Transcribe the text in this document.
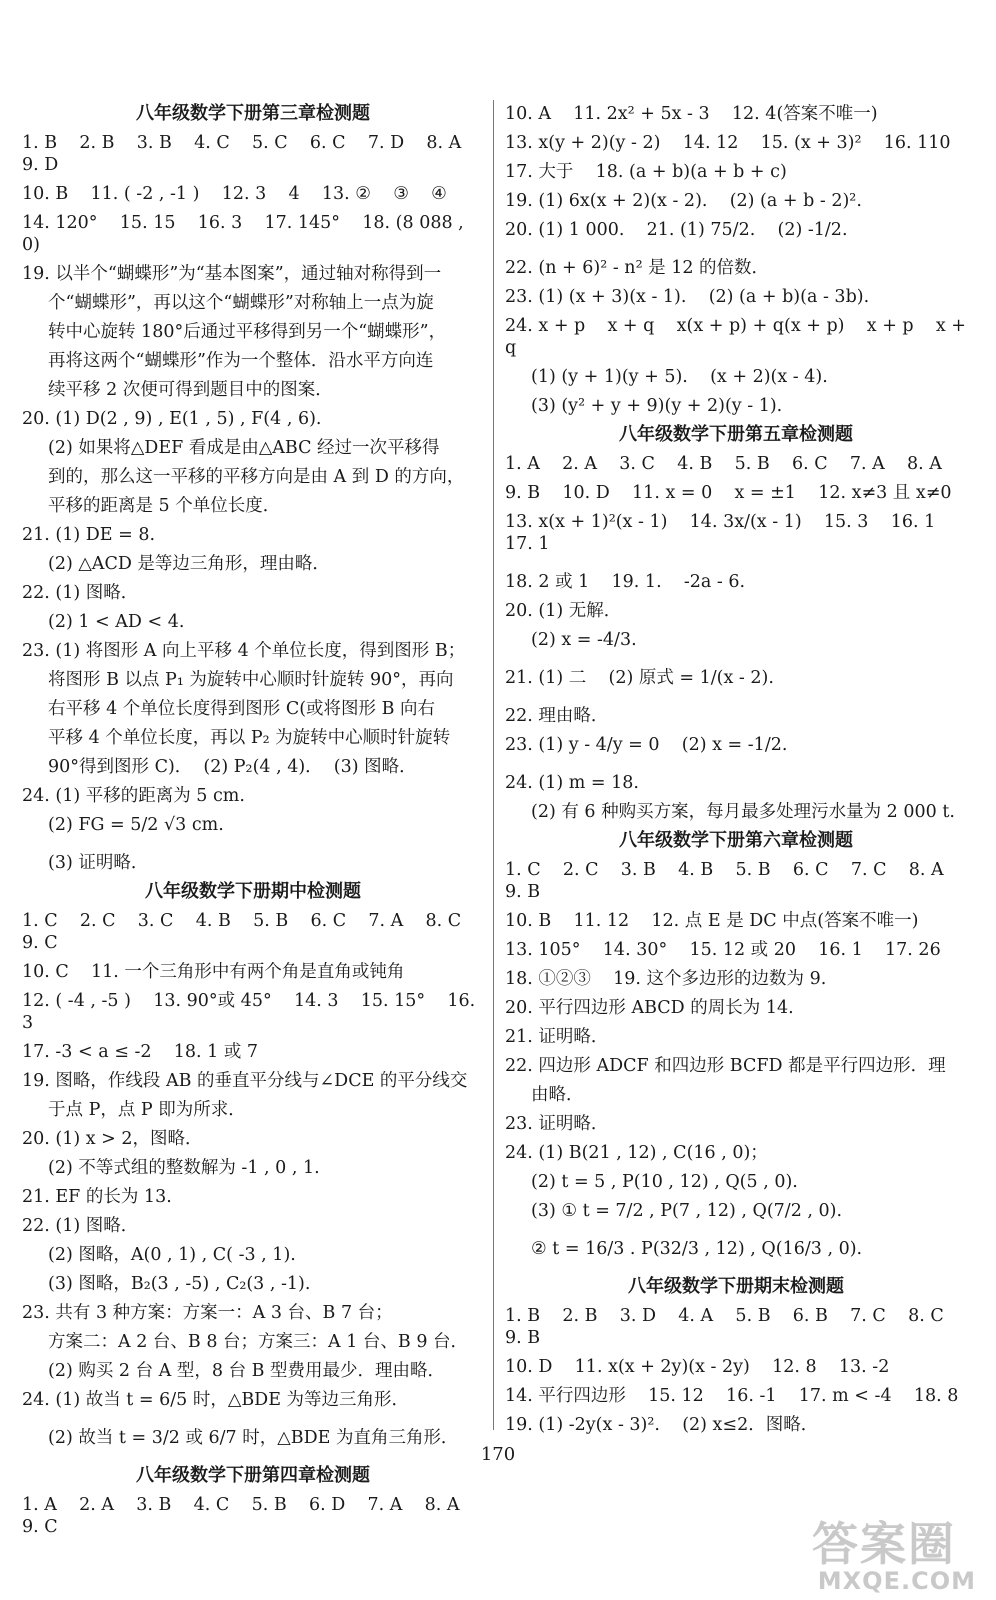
八年级数学下册第三章检测题
1. B    2. B    3. B    4. C    5. C    6. C    7. D    8. A    9. D
10. B    11. ( -2 , -1 )    12. 3    4    13. ②    ③    ④
14. 120°    15. 15    16. 3    17. 145°    18. (8 088 , 0)
19. 以半个“蝴蝶形”为“基本图案”，通过轴对称得到一
个“蝴蝶形”，再以这个“蝴蝶形”对称轴上一点为旋
转中心旋转 180°后通过平移得到另一个“蝴蝶形”，
再将这两个“蝴蝶形”作为一个整体．沿水平方向连
续平移 2 次便可得到题目中的图案．
20. (1) D(2 , 9) , E(1 , 5) , F(4 , 6).
(2) 如果将△DEF 看成是由△ABC 经过一次平移得
到的，那么这一平移的平移方向是由 A 到 D 的方向，
平移的距离是 5 个单位长度．
21. (1) DE = 8.
(2) △ACD 是等边三角形，理由略．
22. (1) 图略．
(2) 1 < AD < 4.
23. (1) 将图形 A 向上平移 4 个单位长度，得到图形 B；
将图形 B 以点 P₁ 为旋转中心顺时针旋转 90°，再向
右平移 4 个单位长度得到图形 C(或将图形 B 向右
平移 4 个单位长度，再以 P₂ 为旋转中心顺时针旋转
90°得到图形 C)．  (2) P₂(4 , 4)．  (3) 图略．
24. (1) 平移的距离为 5 cm.
(2) FG = 5/2 √3 cm.
(3) 证明略．
八年级数学下册期中检测题
1. C    2. C    3. C    4. B    5. B    6. C    7. A    8. C    9. C
10. C    11. 一个三角形中有两个角是直角或钝角
12. ( -4 , -5 )    13. 90°或 45°    14. 3    15. 15°    16. 3
17. -3 < a ≤ -2    18. 1 或 7
19. 图略，作线段 AB 的垂直平分线与∠DCE 的平分线交
于点 P，点 P 即为所求．
20. (1) x > 2，图略．
(2) 不等式组的整数解为 -1 , 0 , 1.
21. EF 的长为 13.
22. (1) 图略．
(2) 图略，A(0 , 1) , C( -3 , 1).
(3) 图略，B₂(3 , -5) , C₂(3 , -1).
23. 共有 3 种方案：方案一：A 3 台、B 7 台；
方案二：A 2 台、B 8 台；方案三：A 1 台、B 9 台．
(2) 购买 2 台 A 型，8 台 B 型费用最少．理由略．
24. (1) 故当 t = 6/5 时，△BDE 为等边三角形．
(2) 故当 t = 3/2 或 6/7 时，△BDE 为直角三角形．
八年级数学下册第四章检测题
1. A    2. A    3. B    4. C    5. B    6. D    7. A    8. A    9. C
10. A    11. 2x² + 5x - 3    12. 4(答案不唯一)
13. x(y + 2)(y - 2)    14. 12    15. (x + 3)²    16. 110
17. 大于    18. (a + b)(a + b + c)
19. (1) 6x(x + 2)(x - 2).    (2) (a + b - 2)².
20. (1) 1 000.    21. (1) 75/2.    (2) -1/2.
22. (n + 6)² - n² 是 12 的倍数．
23. (1) (x + 3)(x - 1).    (2) (a + b)(a - 3b).
24. x + p    x + q    x(x + p) + q(x + p)    x + p    x + q
(1) (y + 1)(y + 5).    (x + 2)(x - 4).
(3) (y² + y + 9)(y + 2)(y - 1).
八年级数学下册第五章检测题
1. A    2. A    3. C    4. B    5. B    6. C    7. A    8. A
9. B    10. D    11. x = 0    x = ±1    12. x≠3 且 x≠0
13. x(x + 1)²(x - 1)    14. 3x/(x - 1)    15. 3    16. 1    17. 1
18. 2 或 1    19. 1.    -2a - 6.
20. (1) 无解．
(2) x = -4/3.
21. (1) 二    (2) 原式 = 1/(x - 2).
22. 理由略．
23. (1) y - 4/y = 0    (2) x = -1/2.
24. (1) m = 18.
(2) 有 6 种购买方案，每月最多处理污水量为 2 000 t.
八年级数学下册第六章检测题
1. C    2. C    3. B    4. B    5. B    6. C    7. C    8. A    9. B
10. B    11. 12    12. 点 E 是 DC 中点(答案不唯一)
13. 105°    14. 30°    15. 12 或 20    16. 1    17. 26
18. ①②③    19. 这个多边形的边数为 9.
20. 平行四边形 ABCD 的周长为 14.
21. 证明略．
22. 四边形 ADCF 和四边形 BCFD 都是平行四边形．理
由略．
23. 证明略．
24. (1) B(21 , 12) , C(16 , 0)；
(2) t = 5 , P(10 , 12) , Q(5 , 0).
(3) ① t = 7/2 , P(7 , 12) , Q(7/2 , 0).
② t = 16/3 . P(32/3 , 12) , Q(16/3 , 0).
八年级数学下册期末检测题
1. B    2. B    3. D    4. A    5. B    6. B    7. C    8. C    9. B
10. D    11. x(x + 2y)(x - 2y)    12. 8    13. -2
14. 平行四边形    15. 12    16. -1    17. m < -4    18. 8
19. (1) -2y(x - 3)².    (2) x≤2．图略．
170
答案圈
MXQE.COM
